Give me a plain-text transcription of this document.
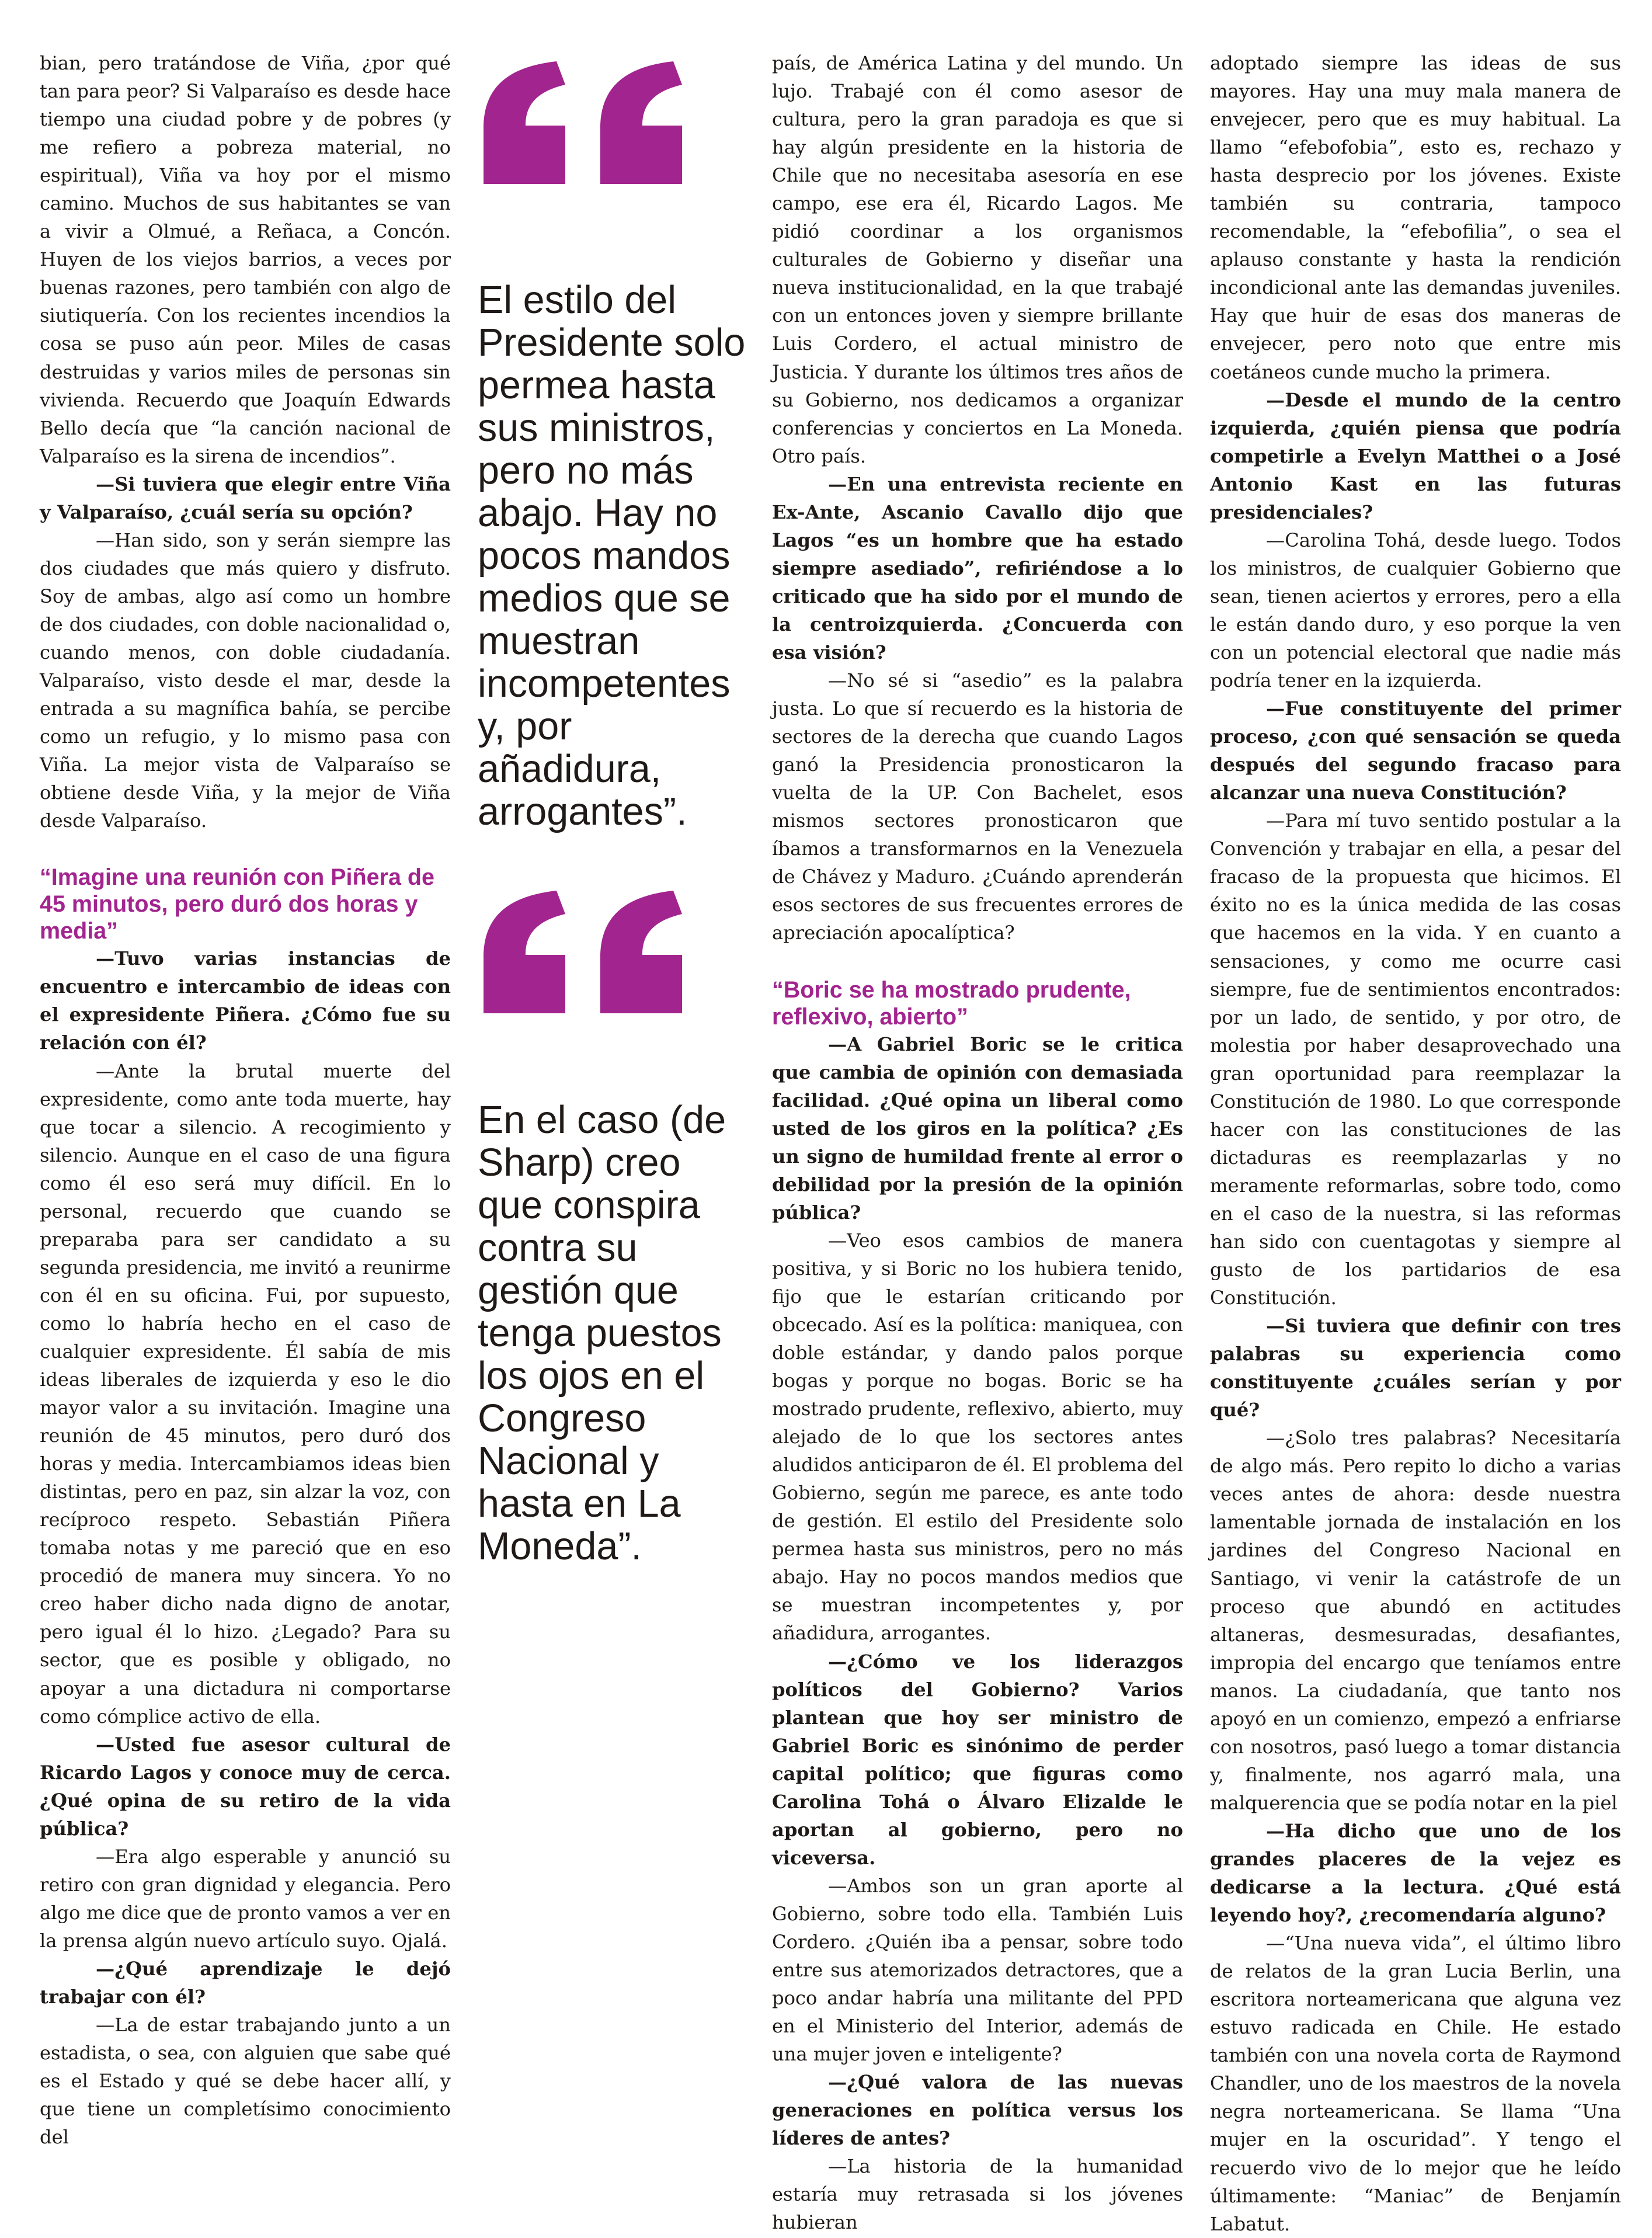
bian, pero tratándose de Viña, ¿por qué tan para peor? Si Valparaíso es desde hace tiempo una ciudad pobre y de pobres (y me refiero a pobreza material, no espiritual), Viña va hoy por el mismo camino. Muchos de sus habitantes se van a vivir a Olmué, a Reñaca, a Concón. Huyen de los viejos barrios, a veces por buenas razones, pero también con algo de siutiquería. Con los recientes incendios la cosa se puso aún peor. Miles de casas destruidas y varios miles de personas sin vivienda. Recuerdo que Joaquín Edwards Bello decía que “la canción nacional de Valparaíso es la sirena de incendios”.

—Si tuviera que elegir entre Viña y Valparaíso, ¿cuál sería su opción?

—Han sido, son y serán siempre las dos ciudades que más quiero y disfruto. Soy de ambas, algo así como un hombre de dos ciudades, con doble nacionalidad o, cuando menos, con doble ciudadanía. Valparaíso, visto desde el mar, desde la entrada a su magnífica bahía, se percibe como un refugio, y lo mismo pasa con Viña. La mejor vista de Valparaíso se obtiene desde Viña, y la mejor de Viña desde Valparaíso.

“Imagine una reunión con Piñera de 45 minutos, pero duró dos horas y media”

—Tuvo varias instancias de encuentro e intercambio de ideas con el expresidente Piñera. ¿Cómo fue su relación con él?

—Ante la brutal muerte del expresidente, como ante toda muerte, hay que tocar a silencio. A recogimiento y silencio. Aunque en el caso de una figura como él eso será muy difícil. En lo personal, recuerdo que cuando se preparaba para ser candidato a su segunda presidencia, me invitó a reunirme con él en su oficina. Fui, por supuesto, como lo habría hecho en el caso de cualquier expresidente. Él sabía de mis ideas liberales de izquierda y eso le dio mayor valor a su invitación. Imagine una reunión de 45 minutos, pero duró dos horas y media. Intercambiamos ideas bien distintas, pero en paz, sin alzar la voz, con recíproco respeto. Sebastián Piñera tomaba notas y me pareció que en eso procedió de manera muy sincera. Yo no creo haber dicho nada digno de anotar, pero igual él lo hizo. ¿Legado? Para su sector, que es posible y obligado, no apoyar a una dictadura ni comportarse como cómplice activo de ella.

—Usted fue asesor cultural de Ricardo Lagos y conoce muy de cerca. ¿Qué opina de su retiro de la vida pública?

—Era algo esperable y anunció su retiro con gran dignidad y elegancia. Pero algo me dice que de pronto vamos a ver en la prensa algún nuevo artículo suyo. Ojalá.

—¿Qué aprendizaje le dejó trabajar con él?

—La de estar trabajando junto a un estadista, o sea, con alguien que sabe qué es el Estado y qué se debe hacer allí, y que tiene un completísimo conocimiento del

El estilo del Presidente solo permea hasta sus ministros, pero no más abajo. Hay no pocos mandos medios que se muestran incompetentes y, por añadidura, arrogantes”.

En el caso (de Sharp) creo que conspira contra su gestión que tenga puestos los ojos en el Congreso Nacional y hasta en La Moneda”.

país, de América Latina y del mundo. Un lujo. Trabajé con él como asesor de cultura, pero la gran paradoja es que si hay algún presidente en la historia de Chile que no necesitaba asesoría en ese campo, ese era él, Ricardo Lagos. Me pidió coordinar a los organismos culturales de Gobierno y diseñar una nueva institucionalidad, en la que trabajé con un entonces joven y siempre brillante Luis Cordero, el actual ministro de Justicia. Y durante los últimos tres años de su Gobierno, nos dedicamos a organizar conferencias y conciertos en La Moneda. Otro país.

—En una entrevista reciente en Ex-Ante, Ascanio Cavallo dijo que Lagos “es un hombre que ha estado siempre asediado”, refiriéndose a lo criticado que ha sido por el mundo de la centroizquierda. ¿Concuerda con esa visión?

—No sé si “asedio” es la palabra justa. Lo que sí recuerdo es la historia de sectores de la derecha que cuando Lagos ganó la Presidencia pronosticaron la vuelta de la UP. Con Bachelet, esos mismos sectores pronosticaron que íbamos a transformarnos en la Venezuela de Chávez y Maduro. ¿Cuándo aprenderán esos sectores de sus frecuentes errores de apreciación apocalíptica?

“Boric se ha mostrado prudente, reflexivo, abierto”

—A Gabriel Boric se le critica que cambia de opinión con demasiada facilidad. ¿Qué opina un liberal como usted de los giros en la política? ¿Es un signo de humildad frente al error o debilidad por la presión de la opinión pública?

—Veo esos cambios de manera positiva, y si Boric no los hubiera tenido, fijo que le estarían criticando por obcecado. Así es la política: maniquea, con doble estándar, y dando palos porque bogas y porque no bogas. Boric se ha mostrado prudente, reflexivo, abierto, muy alejado de lo que los sectores antes aludidos anticiparon de él. El problema del Gobierno, según me parece, es ante todo de gestión. El estilo del Presidente solo permea hasta sus ministros, pero no más abajo. Hay no pocos mandos medios que se muestran incompetentes y, por añadidura, arrogantes.

—¿Cómo ve los liderazgos políticos del Gobierno? Varios plantean que hoy ser ministro de Gabriel Boric es sinónimo de perder capital político; que figuras como Carolina Tohá o Álvaro Elizalde le aportan al gobierno, pero no viceversa.

—Ambos son un gran aporte al Gobierno, sobre todo ella. También Luis Cordero. ¿Quién iba a pensar, sobre todo entre sus atemorizados detractores, que a poco andar habría una militante del PPD en el Ministerio del Interior, además de una mujer joven e inteligente?

—¿Qué valora de las nuevas generaciones en política versus los líderes de antes?

—La historia de la humanidad estaría muy retrasada si los jóvenes hubieran

adoptado siempre las ideas de sus mayores. Hay una muy mala manera de envejecer, pero que es muy habitual. La llamo “efebofobia”, esto es, rechazo y hasta desprecio por los jóvenes. Existe también su contraria, tampoco recomendable, la “efebofilia”, o sea el aplauso constante y hasta la rendición incondicional ante las demandas juveniles. Hay que huir de esas dos maneras de envejecer, pero noto que entre mis coetáneos cunde mucho la primera.

—Desde el mundo de la centro izquierda, ¿quién piensa que podría competirle a Evelyn Matthei o a José Antonio Kast en las futuras presidenciales?

—Carolina Tohá, desde luego. Todos los ministros, de cualquier Gobierno que sean, tienen aciertos y errores, pero a ella le están dando duro, y eso porque la ven con un potencial electoral que nadie más podría tener en la izquierda.

—Fue constituyente del primer proceso, ¿con qué sensación se queda después del segundo fracaso para alcanzar una nueva Constitución?

—Para mí tuvo sentido postular a la Convención y trabajar en ella, a pesar del fracaso de la propuesta que hicimos. El éxito no es la única medida de las cosas que hacemos en la vida. Y en cuanto a sensaciones, y como me ocurre casi siempre, fue de sentimientos encontrados: por un lado, de sentido, y por otro, de molestia por haber desaprovechado una gran oportunidad para reemplazar la Constitución de 1980. Lo que corresponde hacer con las constituciones de las dictaduras es reemplazarlas y no meramente reformarlas, sobre todo, como en el caso de la nuestra, si las reformas han sido con cuentagotas y siempre al gusto de los partidarios de esa Constitución.

—Si tuviera que definir con tres palabras su experiencia como constituyente ¿cuáles serían y por qué?

—¿Solo tres palabras? Necesitaría de algo más. Pero repito lo dicho a varias veces antes de ahora: desde nuestra lamentable jornada de instalación en los jardines del Congreso Nacional en Santiago, vi venir la catástrofe de un proceso que abundó en actitudes altaneras, desmesuradas, desafiantes, impropia del encargo que teníamos entre manos. La ciudadanía, que tanto nos apoyó en un comienzo, empezó a enfriarse con nosotros, pasó luego a tomar distancia y, finalmente, nos agarró mala, una malquerencia que se podía notar en la piel

—Ha dicho que uno de los grandes placeres de la vejez es dedicarse a la lectura. ¿Qué está leyendo hoy?, ¿recomendaría alguno?

—“Una nueva vida”, el último libro de relatos de la gran Lucia Berlin, una escritora norteamericana que alguna vez estuvo radicada en Chile. He estado también con una novela corta de Raymond Chandler, uno de los maestros de la novela negra norteamericana. Se llama “Una mujer en la oscuridad”. Y tengo el recuerdo vivo de lo mejor que he leído últimamente: “Maniac” de Benjamín Labatut.
